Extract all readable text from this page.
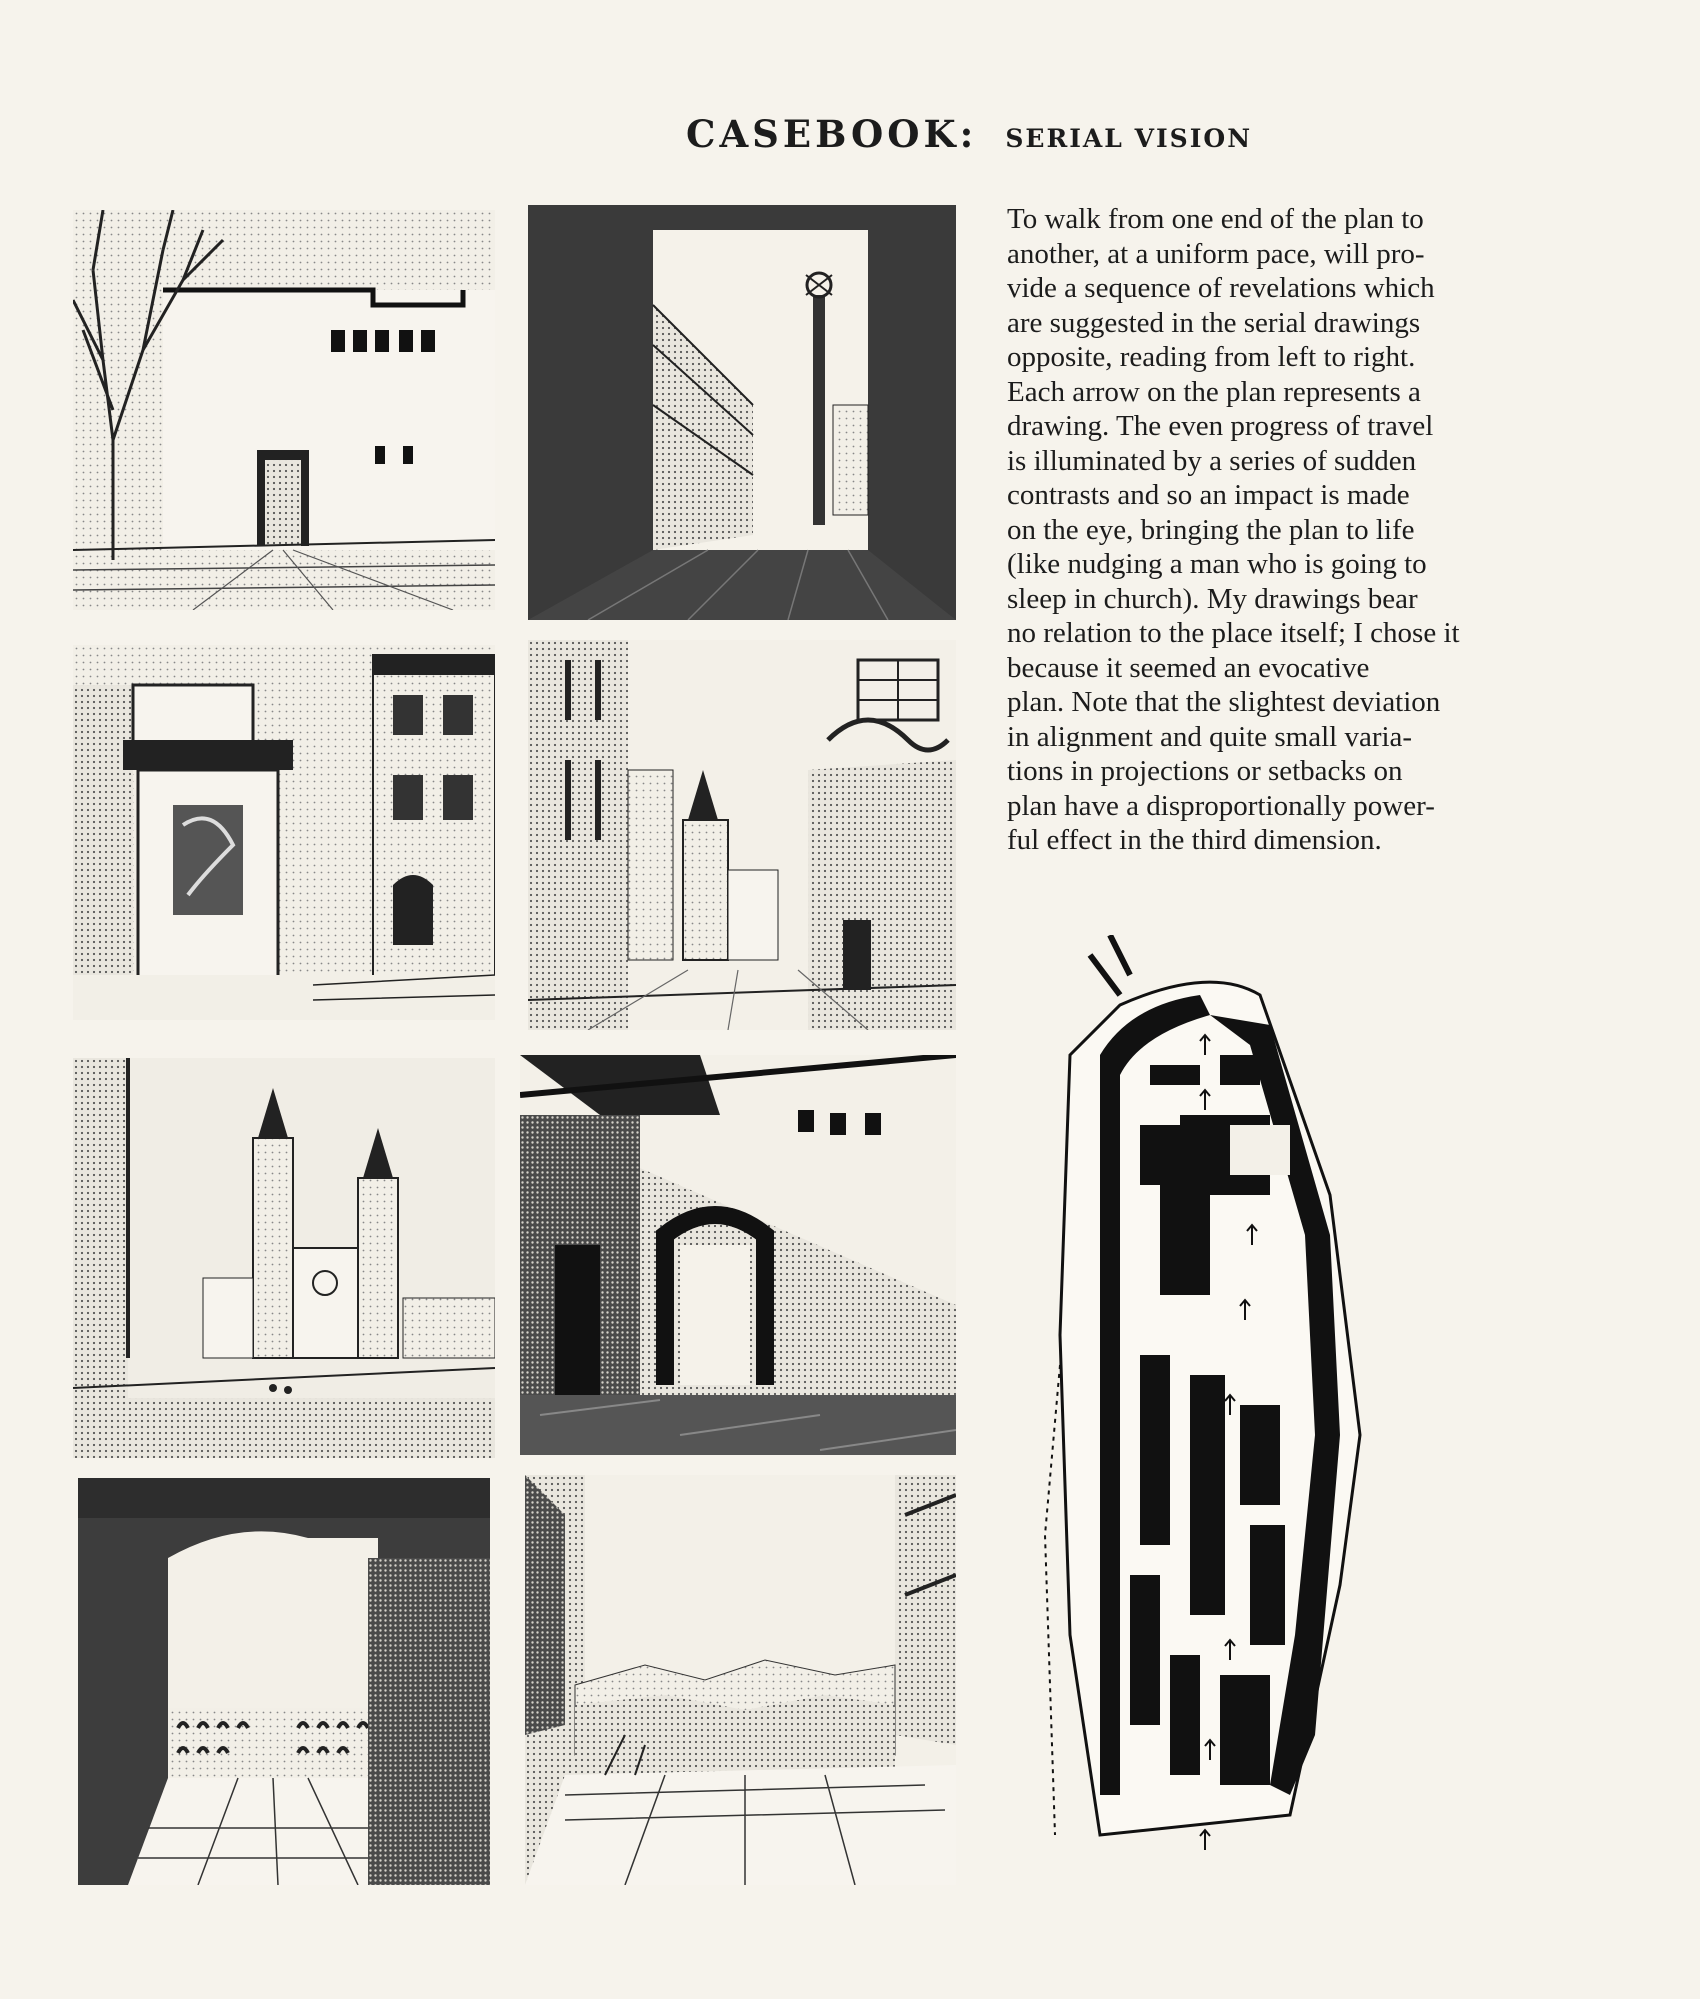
CASEBOOK: SERIAL VISION

To walk from one end of the plan to
another, at a uniform pace, will pro-
vide a sequence of revelations which
are suggested in the serial drawings
opposite, reading from left to right.
Each arrow on the plan represents a
drawing. The even progress of travel
is illuminated by a series of sudden
contrasts and so an impact is made
on the eye, bringing the plan to life
(like nudging a man who is going to
sleep in church). My drawings bear
no relation to the place itself; I chose it
because it seemed an evocative
plan. Note that the slightest deviation
in alignment and quite small varia-
tions in projections or setbacks on
plan have a disproportionally power-
ful effect in the third dimension.
